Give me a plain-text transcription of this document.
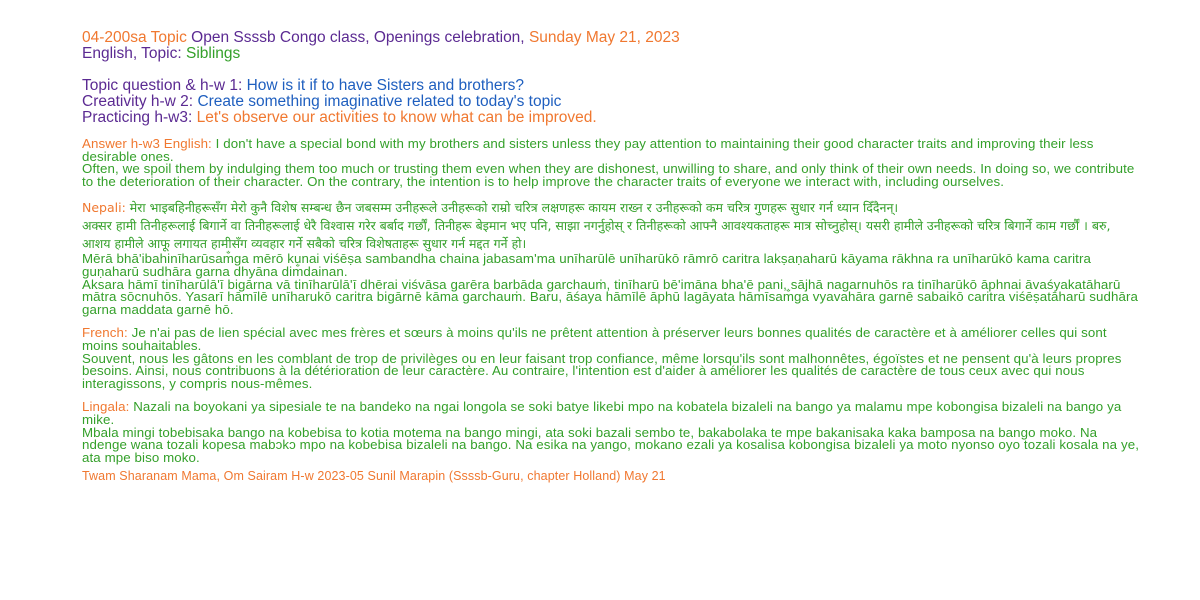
04-200sa Topic Open Ssssb Congo class, Openings celebration, Sunday May 21, 2023
English, Topic: Siblings
Topic question & h-w 1: How is it if to have Sisters and brothers?
Creativity h-w 2: Create something imaginative related to today's topic
Practicing h-w3: Let's observe our activities to know what can be improved.

Answer h-w3 English: I don't have a special bond with my brothers and sisters unless they pay attention to maintaining their good character traits and improving their less desirable ones.

Often, we spoil them by indulging them too much or trusting them even when they are dishonest, unwilling to share, and only think of their own needs. In doing so, we contribute to the deterioration of their character. On the contrary, the intention is to help improve the character traits of everyone we interact with, including ourselves.

Nepali: मेरा भाइबहिनीहरूसँग मेरो कुनै विशेष सम्बन्ध छैन जबसम्म उनीहरूले उनीहरूको राम्रो चरित्र लक्षणहरू कायम राख्न र उनीहरूको कम चरित्र गुणहरू सुधार गर्न ध्यान दिँदैनन्।

अक्सर हामी तिनीहरूलाई बिगार्ने वा तिनीहरूलाई धेरै विश्वास गरेर बर्बाद गर्छौं, तिनीहरू बेइमान भए पनि, साझा नगर्नुहोस् र तिनीहरूको आफ्नै आवश्यकताहरू मात्र सोच्नुहोस्। यसरी हामीले उनीहरूको चरित्र बिगार्ने काम गर्छौं । बरु, आशय हामीले आफू लगायत हामीसँग व्यवहार गर्ने सबैको चरित्र विशेषताहरू सुधार गर्न मद्दत गर्ने हो।

Mērā bhā'ibahinīharūsam̐ga mērō kunai viśēṣa sambandha chaina jabasam'ma unīharūlē unīharūkō rāmrō caritra lakṣaṇaharū kāyama rākhna ra unīharūkō kama caritra guṇaharū sudhāra garna dhyāna dim̐dainan.

Aksara hāmī tinīharūlā'ī bigārna vā tinīharūlā'ī dhērai viśvāsa garēra barbāda garchauṁ, tinīharū bē'imāna bha'ē pani, sājhā nagarnuhōs ra tinīharūkō āphnai āvaśyakatāharū mātra sōcnuhōs. Yasarī hāmīlē unīharukō caritra bigārnē kāma garchauṁ. Baru, āśaya hāmīlē āphū lagāyata hāmīsam̐ga vyavahāra garnē sabaikō caritra viśēṣatāharū sudhāra garna maddata garnē hō.

French: Je n'ai pas de lien spécial avec mes frères et sœurs à moins qu'ils ne prêtent attention à préserver leurs bonnes qualités de caractère et à améliorer celles qui sont moins souhaitables.

Souvent, nous les gâtons en les comblant de trop de privilèges ou en leur faisant trop confiance, même lorsqu'ils sont malhonnêtes, égoïstes et ne pensent qu'à leurs propres besoins. Ainsi, nous contribuons à la détérioration de leur caractère. Au contraire, l'intention est d'aider à améliorer les qualités de caractère de tous ceux avec qui nous interagissons, y compris nous-mêmes.

Lingala: Nazali na boyokani ya sipesiale te na bandeko na ngai longola se soki batye likebi mpo na kobatela bizaleli na bango ya malamu mpe kobongisa bizaleli na bango ya mike.

Mbala mingi tobebisaka bango na kobebisa to kotia motema na bango mingi, ata soki bazali sembo te, bakabolaka te mpe bakanisaka kaka bamposa na bango moko. Na ndenge wana tozali kopesa mabɔkɔ mpo na kobebisa bizaleli na bango. Na esika na yango, mokano ezali ya kosalisa kobongisa bizaleli ya moto nyonso oyo tozali kosala na ye, ata mpe biso moko.

Twam Sharanam Mama, Om Sairam H-w 2023-05 Sunil Marapin (Ssssb-Guru, chapter Holland) May 21
